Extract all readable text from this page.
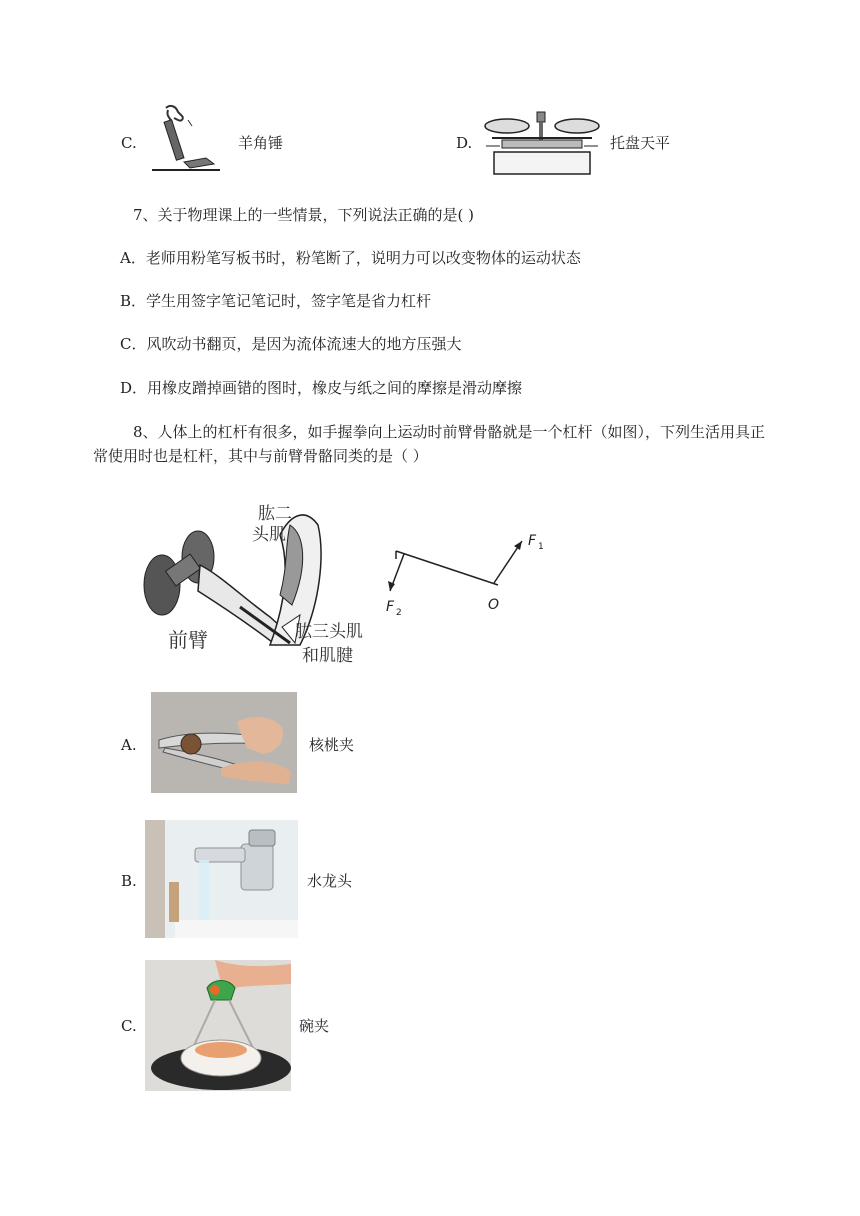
C.	羊角锤	D.	托盘天平
7、关于物理课上的一些情景，下列说法正确的是( )
A．老师用粉笔写板书时，粉笔断了，说明力可以改变物体的运动状态
B．学生用签字笔记笔记时，签字笔是省力杠杆
C．风吹动书翻页，是因为流体流速大的地方压强大
D．用橡皮蹭掉画错的图时，橡皮与纸之间的摩擦是滑动摩擦
8、人体上的杠杆有很多，如手握拳向上运动时前臂骨骼就是一个杠杆（如图），下列生活用具正
常使用时也是杠杆，其中与前臂骨骼同类的是（ ）
肱二
头肌
前臂	肱三头肌
和肌腱
F 1
F 2	O
A.	核桃夹
B.	水龙头
C.	碗夹
